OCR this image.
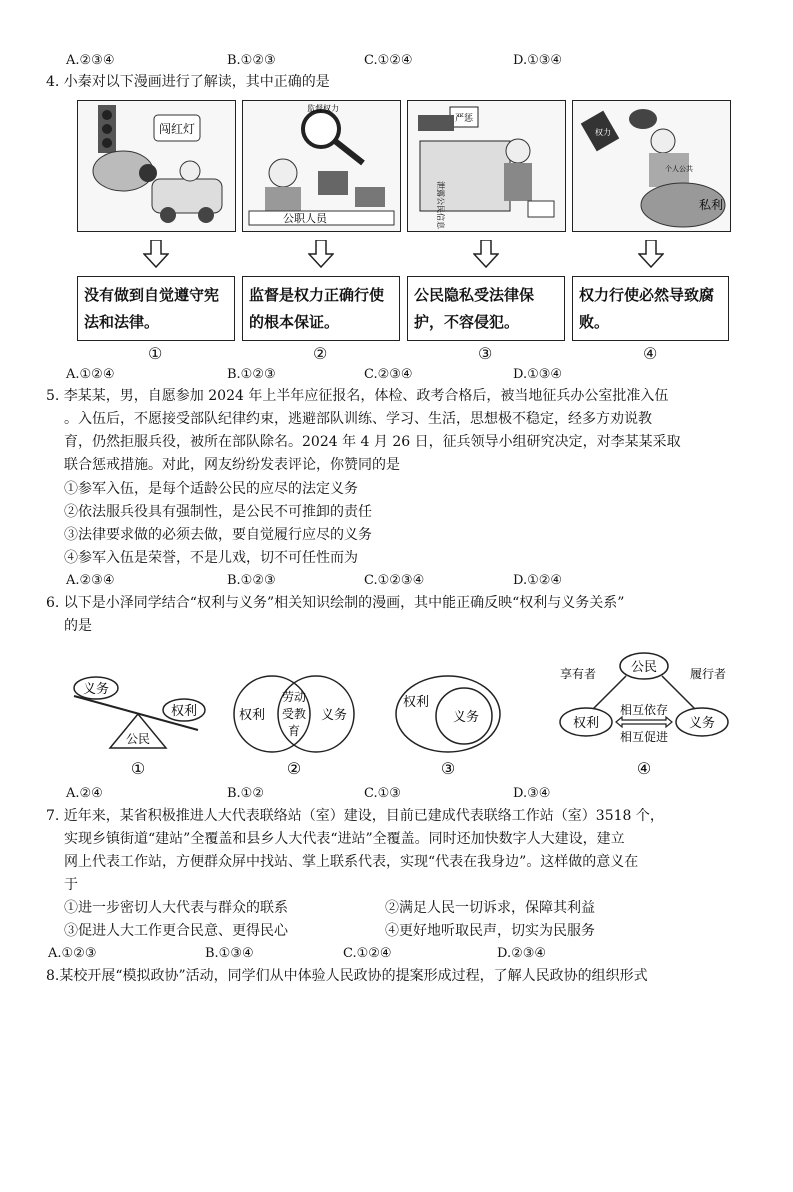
A.②③④	B.①②③	C.①②④	D.①③④
4. 小秦对以下漫画进行了解读，其中正确的是
闯红灯
监督权力
公职人员
严惩
泄露公民信息
权力
个人公共
私利
没有做到自觉遵守宪法和法律。
监督是权力正确行使的根本保证。
公民隐私受法律保护，不容侵犯。
权力行使必然导致腐败。
①	②	③	④
A.①②④	B.①②③	C.②③④	D.①③④
5. 李某某，男，自愿参加 2024 年上半年应征报名，体检、政考合格后，被当地征兵办公室批准入伍
。入伍后，不愿接受部队纪律约束，逃避部队训练、学习、生活，思想极不稳定，经多方劝说教
育，仍然拒服兵役，被所在部队除名。2024 年 4 月 26 日，征兵领导小组研究决定，对李某某采取
联合惩戒措施。对此，网友纷纷发表评论，你赞同的是
①参军入伍，是每个适龄公民的应尽的法定义务
②依法服兵役具有强制性，是公民不可推卸的责任
③法律要求做的必须去做，要自觉履行应尽的义务
④参军入伍是荣誉，不是儿戏，切不可任性而为
A.②③④	B.①②③	C.①②③④	D.①②④
6. 以下是小泽同学结合“权利与义务”相关知识绘制的漫画，其中能正确反映“权利与义务关系”
的是
义务
权利
公民
①
权利
劳动
受教
育
义务
②
权利
义务
③
公民
享有者	履行者
权利	义务
相互依存
相互促进
④
A.②④	B.①②	C.①③	D.③④
7. 近年来，某省积极推进人大代表联络站（室）建设，目前已建成代表联络工作站（室）3518 个，
实现乡镇街道“建站”全覆盖和县乡人大代表“进站”全覆盖。同时还加快数字人大建设，建立
网上代表工作站，方便群众屏中找站、掌上联系代表，实现“代表在我身边”。这样做的意义在
于
①进一步密切人大代表与群众的联系	②满足人民一切诉求，保障其利益
③促进人大工作更合民意、更得民心	④更好地听取民声，切实为民服务
A.①②③	B.①③④	C.①②④	D.②③④
8.某校开展“模拟政协”活动，同学们从中体验人民政协的提案形成过程，了解人民政协的组织形式
